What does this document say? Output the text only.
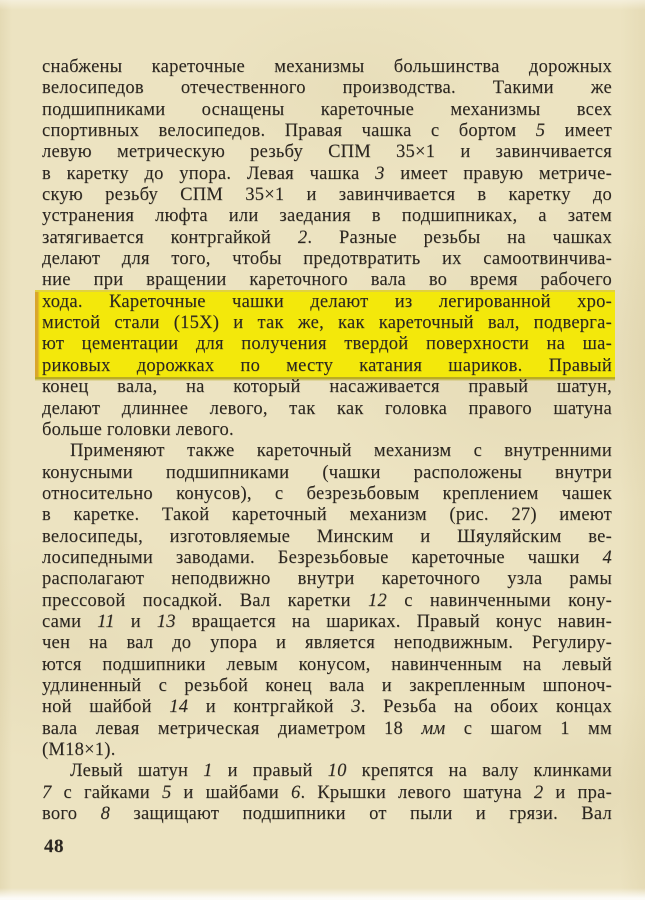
снабжены кареточные механизмы большинства дорожных
велосипедов отечественного производства. Такими же
подшипниками оснащены кареточные механизмы всех
спортивных велосипедов. Правая чашка с бортом 5 имеет
левую метрическую резьбу СПМ 35×1 и завинчивается
в каретку до упора. Левая чашка 3 имеет правую метриче-
скую резьбу СПМ 35×1 и завинчивается в каретку до
устранения люфта или заедания в подшипниках, а затем
затягивается контргайкой 2. Разные резьбы на чашках
делают для того, чтобы предотвратить их самоотвинчива-
ние при вращении кареточного вала во время рабочего
хода. Кареточные чашки делают из легированной хро-
мистой стали (15Х) и так же, как кареточный вал, подверга-
ют цементации для получения твердой поверхности на ша-
риковых дорожках по месту катания шариков. Правый
конец вала, на который насаживается правый шатун,
делают длиннее левого, так как головка правого шатуна
больше головки левого.
Применяют также кареточный механизм с внутренними
конусными подшипниками (чашки расположены внутри
относительно конусов), с безрезьбовым креплением чашек
в каретке. Такой кареточный механизм (рис. 27) имеют
велосипеды, изготовляемые Минским и Шяуляйским ве-
лосипедными заводами. Безрезьбовые кареточные чашки 4
располагают неподвижно внутри кареточного узла рамы
прессовой посадкой. Вал каретки 12 с навинченными кону-
сами 11 и 13 вращается на шариках. Правый конус навин-
чен на вал до упора и является неподвижным. Регулиру-
ются подшипники левым конусом, навинченным на левый
удлиненный с резьбой конец вала и закрепленным шпоноч-
ной шайбой 14 и контргайкой 3. Резьба на обоих концах
вала левая метрическая диаметром 18 мм с шагом 1 мм
(М18×1).
Левый шатун 1 и правый 10 крепятся на валу клинками
7 с гайками 5 и шайбами 6. Крышки левого шатуна 2 и пра-
вого 8 защищают подшипники от пыли и грязи. Вал
48
